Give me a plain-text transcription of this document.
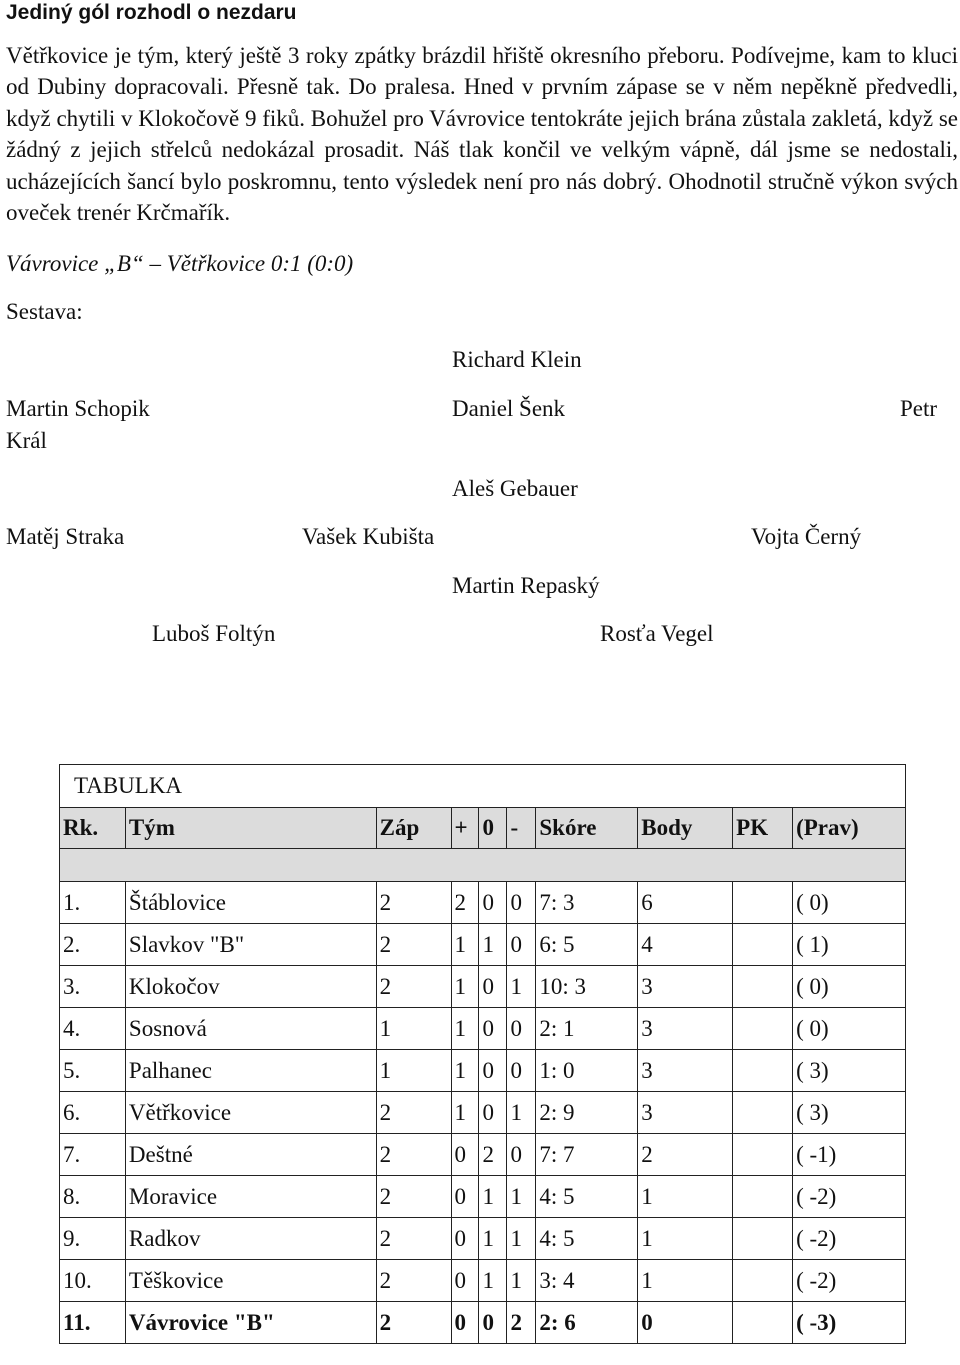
Jediný gól rozhodl o nezdaru
Větřkovice je tým, který ještě 3 roky zpátky brázdil hřiště okresního přeboru. Podívejme, kam to kluci od Dubiny dopracovali. Přesně tak. Do pralesa. Hned v prvním zápase se v něm nepěkně předvedli, když chytili v Klokočově 9 fiků. Bohužel pro Vávrovice tentokráte jejich brána zůstala zakletá, když se žádný z jejich střelců nedokázal prosadit. Náš tlak končil ve velkým vápně, dál jsme se nedostali, ucházejících šancí bylo poskromnu, tento výsledek není pro nás dobrý. Ohodnotil stručně výkon svých oveček trenér Krčmařík.
Vávrovice „B“ – Větřkovice 0:1 (0:0)
Sestava:
Richard Klein
Martin Schopik	Daniel Šenk	Petr
Král
Aleš Gebauer
Matěj Straka	Vašek Kubišta	Vojta Černý
Martin Repaský
Luboš Foltýn	Rosťa Vegel
TABULKA									
Rk.	Tým	Záp	+	0	-	Skóre	Body	PK	(Prav)

1.	Štáblovice	2	2	0	0	7: 3	6		( 0)
2.	Slavkov "B"	2	1	1	0	6: 5	4		( 1)
3.	Klokočov	2	1	0	1	10: 3	3		( 0)
4.	Sosnová	1	1	0	0	2: 1	3		( 0)
5.	Palhanec	1	1	0	0	1: 0	3		( 3)
6.	Větřkovice	2	1	0	1	2: 9	3		( 3)
7.	Deštné	2	0	2	0	7: 7	2		( -1)
8.	Moravice	2	0	1	1	4: 5	1		( -2)
9.	Radkov	2	0	1	1	4: 5	1		( -2)
10.	Těškovice	2	0	1	1	3: 4	1		( -2)
11.	Vávrovice "B"	2	0	0	2	2: 6	0		( -3)
